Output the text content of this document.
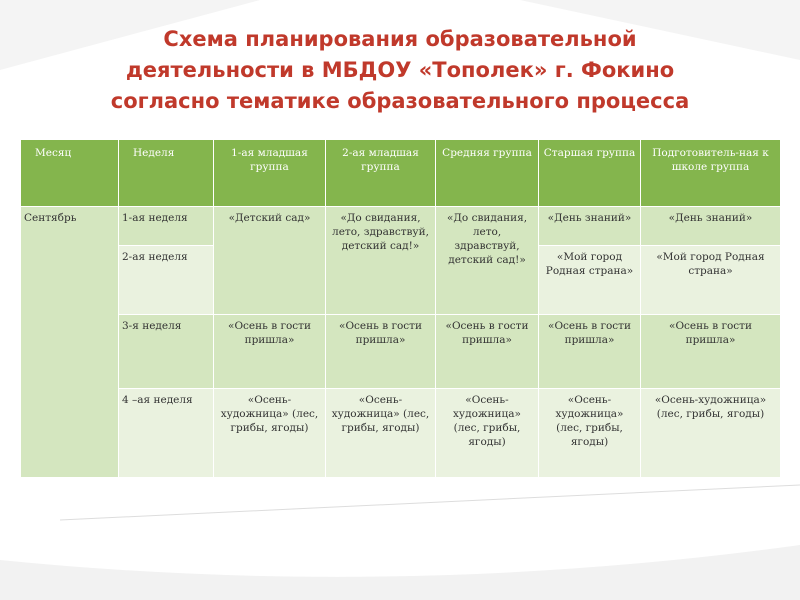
Схема планирования образовательной
деятельности в МБДОУ «Тополек» г. Фокино
согласно тематике образовательного процесса
Месяц	Неделя	1-ая младшая группа	2-ая младшая группа	Средняя группа	Старшая группа	Подготовитель-ная к школе группа
Сентябрь	1-ая неделя	«Детский сад»	«До свидания, лето, здравствуй, детский сад!»	«До свидания, лето, здравствуй, детский сад!»	«День знаний»	«День знаний»
	2-ая неделя				«Мой город Родная страна»	«Мой город Родная страна»
	3-я неделя	«Осень в гости пришла»	«Осень в гости пришла»	«Осень в гости пришла»	«Осень в гости пришла»	«Осень в гости пришла»
	4 –ая неделя	«Осень-художница» (лес, грибы, ягоды)	«Осень-художница» (лес, грибы, ягоды)	«Осень-художница» (лес, грибы, ягоды)	«Осень-художница» (лес, грибы, ягоды)	«Осень-художница» (лес, грибы, ягоды)
